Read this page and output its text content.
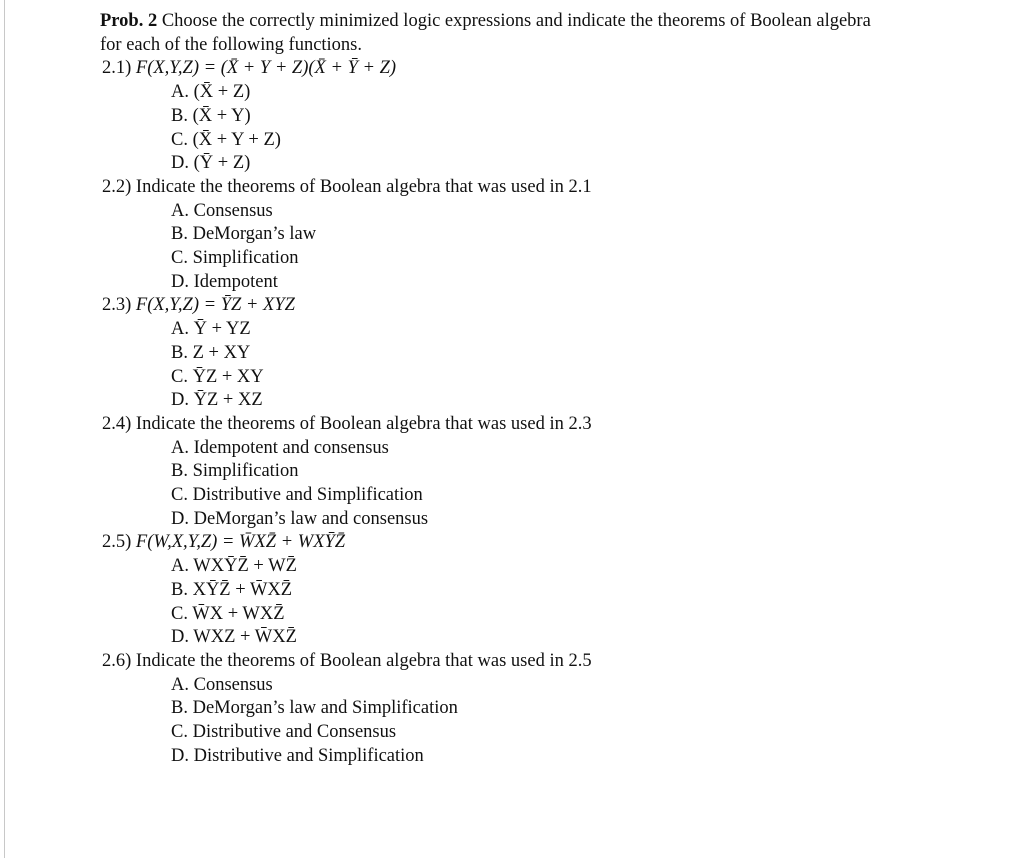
Prob. 2 Choose the correctly minimized logic expressions and indicate the theorems of Boolean algebra for each of the following functions.
2.1) F(X,Y,Z) = (X̄ + Y + Z)(X̄ + Ȳ + Z)
A. (X̄ + Z)
B. (X̄ + Y)
C. (X̄ + Y + Z)
D. (Ȳ + Z)
2.2) Indicate the theorems of Boolean algebra that was used in 2.1
A. Consensus
B. DeMorgan’s law
C. Simplification
D. Idempotent
2.3) F(X,Y,Z) = ȲZ + XYZ
A. Ȳ + YZ
B. Z + XY
C. ȲZ + XY
D. ȲZ + XZ
2.4) Indicate the theorems of Boolean algebra that was used in 2.3
A. Idempotent and consensus
B. Simplification
C. Distributive and Simplification
D. DeMorgan’s law and consensus
2.5) F(W,X,Y,Z) = W̄XZ̄ + WXȲZ̄
A. WXȲZ̄ + WZ̄
B. XȲZ̄ + W̄XZ̄
C. W̄X + WXZ̄
D. WXZ + W̄XZ̄
2.6) Indicate the theorems of Boolean algebra that was used in 2.5
A. Consensus
B. DeMorgan’s law and Simplification
C. Distributive and Consensus
D. Distributive and Simplification
